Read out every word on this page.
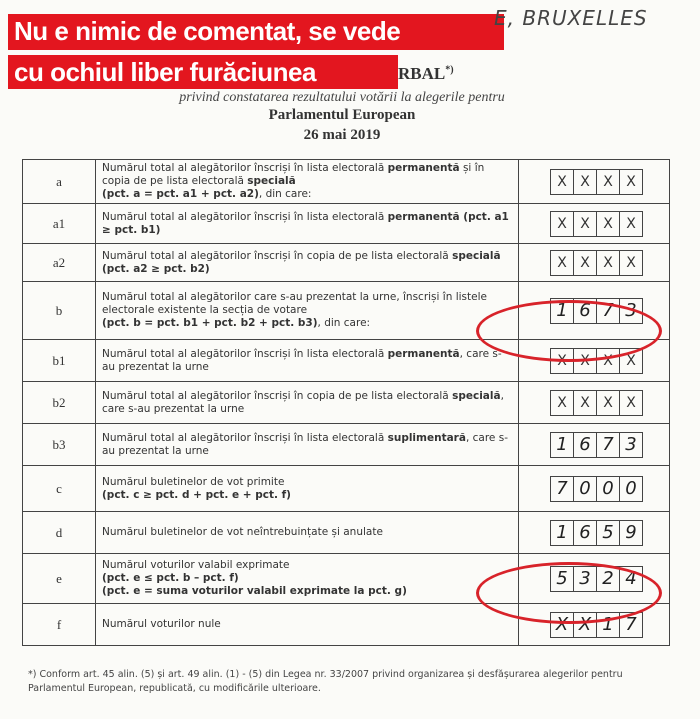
Nu e nimic de comentat, se vede
cu ochiul liber furăciunea
E, BRUXELLES
RBAL*)
privind constatarea rezultatului votării la alegerile pentru
Parlamentul European
26 mai 2019
a	Numărul total al alegătorilor înscriși în lista electorală permanentă și în copia de pe lista electorală specială
(pct. a = pct. a1 + pct. a2), din care:	X X X X

a1	Numărul total al alegătorilor înscriși în lista electorală permanentă (pct. a1 ≥ pct. b1)	X X X X

a2	Numărul total al alegătorilor înscriși în copia de pe lista electorală specială (pct. a2 ≥ pct. b2)	X X X X

b	Numărul total al alegătorilor care s-au prezentat la urne, înscriși în listele electorale existente la secția de votare
(pct. b = pct. b1 + pct. b2 + pct. b3), din care:	1 6 7 3

b1	Numărul total al alegătorilor înscriși în lista electorală permanentă, care s-au prezentat la urne	X X X X

b2	Numărul total al alegătorilor înscriși în copia de pe lista electorală specială, care s-au prezentat la urne	X X X X

b3	Numărul total al alegătorilor înscriși în lista electorală suplimentară, care s-au prezentat la urne	1 6 7 3

c	Numărul buletinelor de vot primite
(pct. c ≥ pct. d + pct. e + pct. f)	7 0 0 0

d	Numărul buletinelor de vot neîntrebuințate și anulate	1 6 5 9

e	Numărul voturilor valabil exprimate
(pct. e ≤ pct. b – pct. f)
(pct. e = suma voturilor valabil exprimate la pct. g)	5 3 2 4

f	Numărul voturilor nule	X X 1 7
*) Conform art. 45 alin. (5) și art. 49 alin. (1) - (5) din Legea nr. 33/2007 privind organizarea și desfășurarea alegerilor pentru Parlamentul European, republicată, cu modificările ulterioare.
